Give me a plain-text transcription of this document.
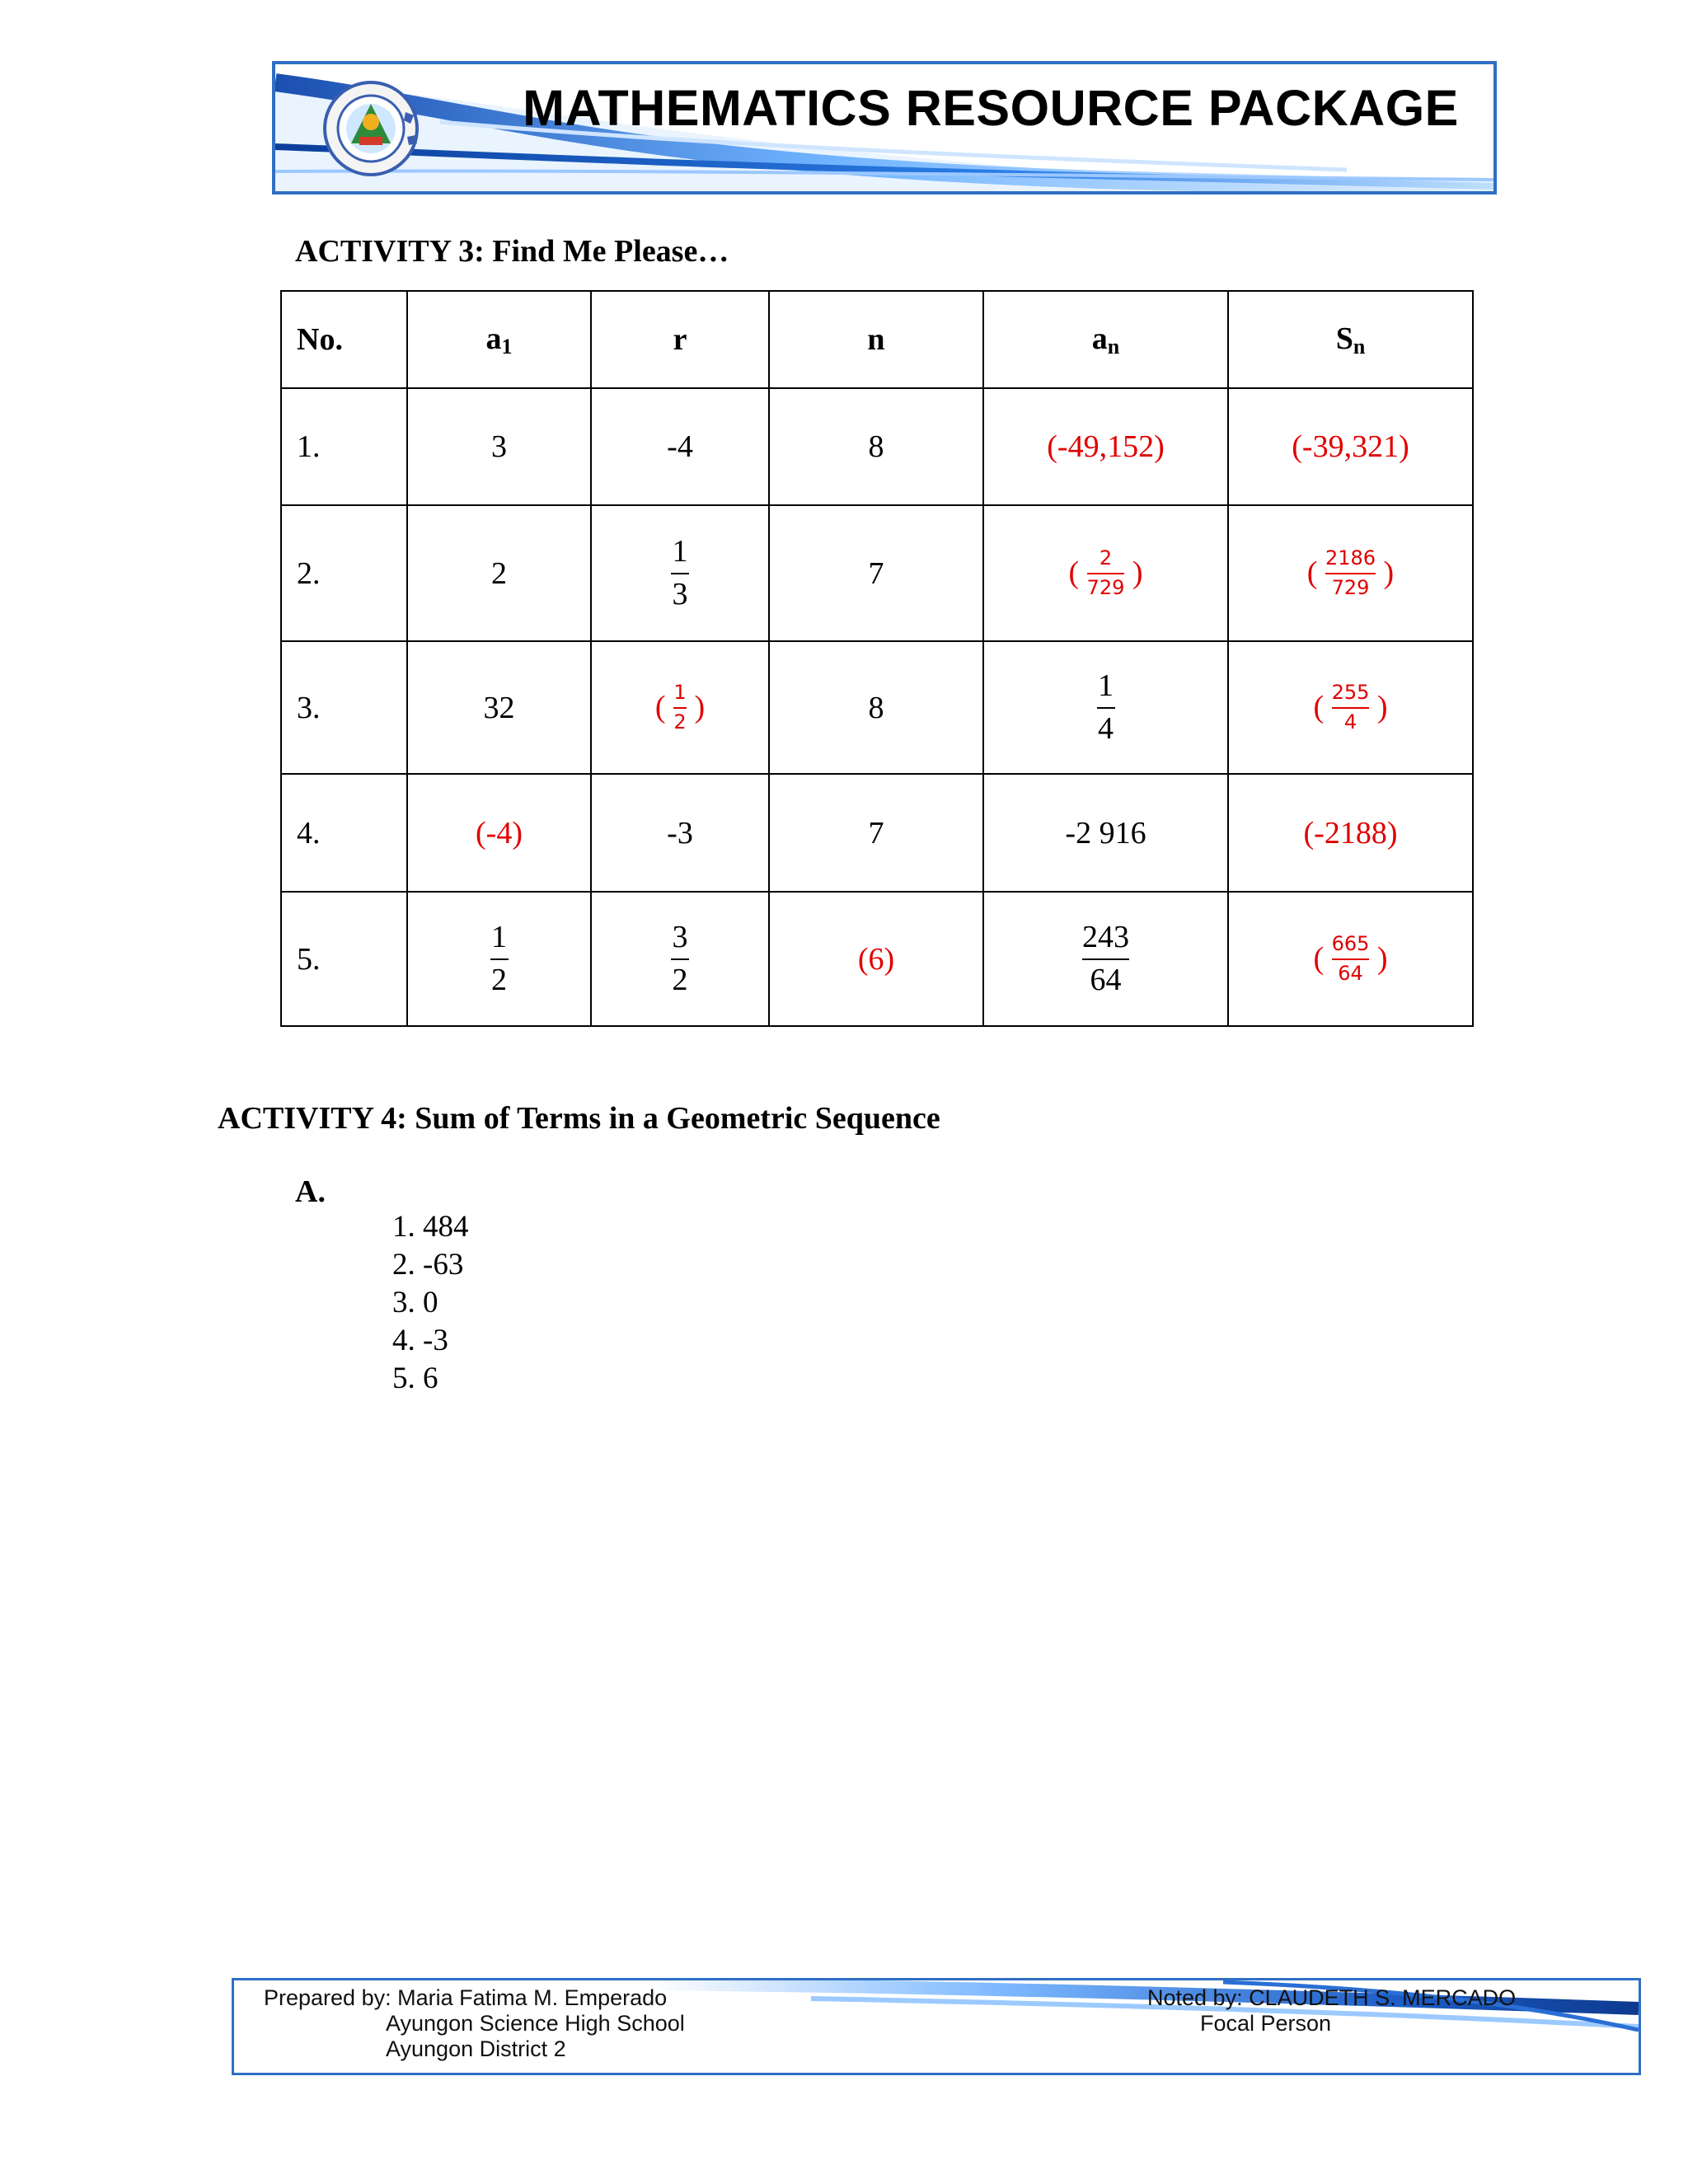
MATHEMATICS RESOURCE PACKAGE
ACTIVITY 3: Find Me Please…
No.	$a_1$	r	n	$a_n$	$S_n$
1.	3	-4	8	(-49,152)	(-39,321)
2.	2	$\frac{1}{3}$	7	( $\frac{2}{729}$ )	( $\frac{2186}{729}$ )
3.	32	( $\frac{1}{2}$ )	8	$\frac{1}{4}$	( $\frac{255}{4}$ )
4.	(-4)	-3	7	-2 916	(-2188)
5.	$\frac{1}{2}$	$\frac{3}{2}$	(6)	$\frac{243}{64}$	( $\frac{665}{64}$ )
ACTIVITY 4: Sum of Terms in a Geometric Sequence
A.
1. 484
2. -63
3. 0
4. -3
5. 6
Prepared by: Maria Fatima M. Emperado
Ayungon Science High School
Ayungon District 2
Noted by: CLAUDETH S. MERCADO
Focal Person
